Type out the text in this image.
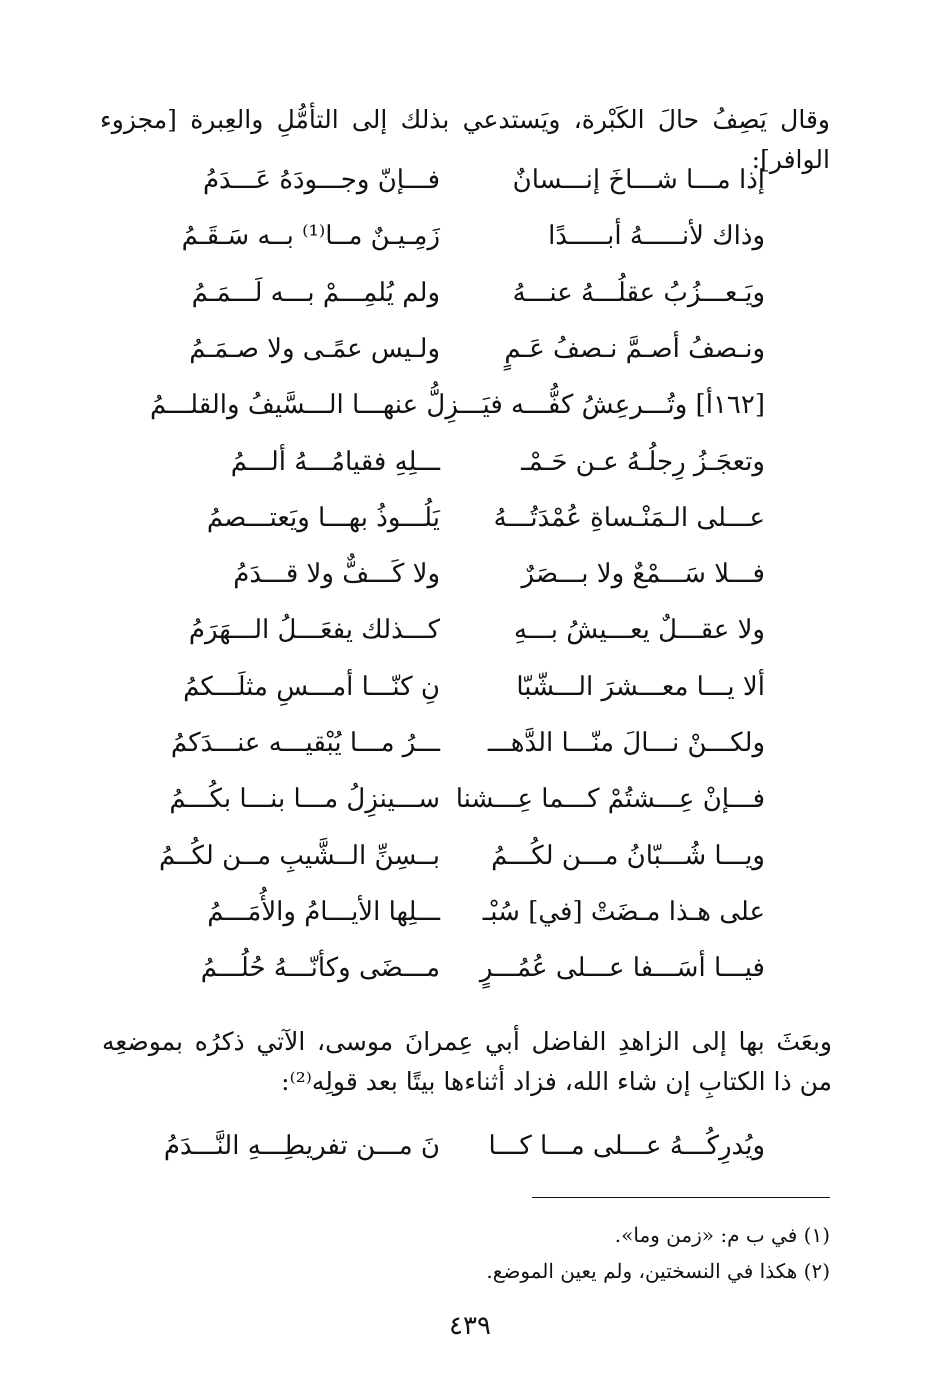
وقال يَصِفُ حالَ الكَبْرة، ويَستدعي بذلك إلى التأمُّلِ والعِبرة [مجزوء الوافر]:

إذا مـــا شـــاخَ إنـــسانٌ
فـــإنّ وجـــودَهُ عَـــدَمُ
وذاك لأنـــــهُ أبـــــدًا
زَمِـيـنٌ مــا⁽¹⁾ بــه سَـقَـمُ
ويَـعـــزُبُ عقلُـــهُ عنـــهُ
ولم يُلمِـــمْ بـــه لَـــمَـمُ
ونـصفُ أصـمَّ نـصفُ عَـمٍ
ولـيس عمًـى ولا صـمَـمُ
[١٦٢أ] وتُـــرعِشُ كفُّـــه فيَـــزِلُّ عنهـــا الـــسَّيفُ والقلـــمُ
وتعجَـزُ رِجلُـهُ عـن حَـمْـ
ـــلِهِ فقيامُـــهُ ألـــمُ
عـــلى الـمَنْـساةِ عُمْدَتُـــهُ
يَلُـــوذُ بهـــا ويَعتـــصمُ
فـــلا سَـــمْعٌ ولا بـــصَرٌ
ولا كَـــفٌّ ولا قـــدَمُ
ولا عقـــلٌ يعـــيشُ بـــهِ
كـــذلك يفعَـــلُ الـــهَرَمُ
ألا يـــا معـــشرَ الـــشّبّا
نِ كنّـــا أمـــسِ مثلَـــكمُ
ولكـــنْ نـــالَ منّـــا الدَّهـــ
ـــرُ مـــا يُبْقيـــه عنـــدَكمُ
فـــإنْ عِـــشتُمْ كـــما عِـــشنا
ســـينزِلُ مـــا بنـــا بكُـــمُ
ويـــا شُـــبّانُ مـــن لكُـــمُ
بــسِنِّ الــشَّيبِ مــن لكُــمُ
على هـذا مـضَتْ [في] سُبْـ
ـــلِها الأيـــامُ والأُمَـــمُ
فيـــا أسَـــفا عـــلى عُمُـــرٍ
مـــضَى وكأنّـــهُ حُلُـــمُ

وبعَثَ بها إلى الزاهدِ الفاضل أبي عِمرانَ موسى، الآتي ذكرُه بموضعِه من ذا الكتابِ إن شاء الله، فزاد أثناءها بيتًا بعد قولِه⁽²⁾:

ويُدرِكُـــهُ عـــلى مـــا كـــا
نَ مـــن تفريطِـــهِ النَّـــدَمُ

(١) في ب م: «زمن وما».

(٢) هكذا في النسختين، ولم يعين الموضع.

٤٣٩
